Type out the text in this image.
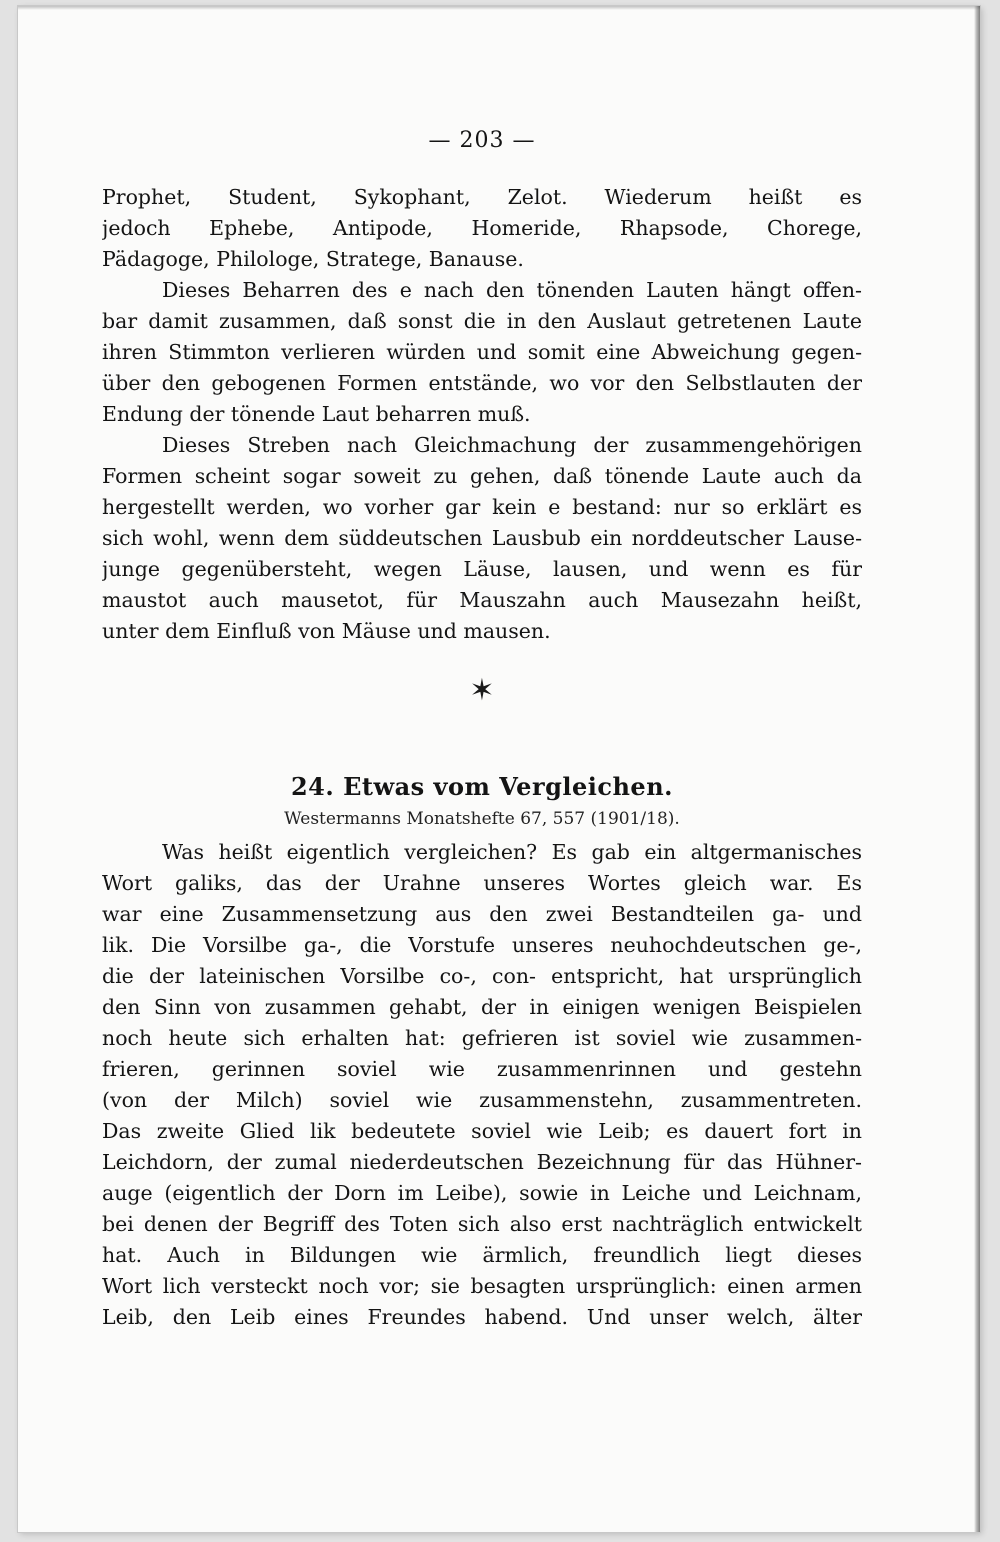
— 203 —
Prophet, Student, Sykophant, Zelot. Wiederum heißt es
jedoch Ephebe, Antipode, Homeride, Rhapsode, Chorege,
Pädagoge, Philologe, Stratege, Banause.
Dieses Beharren des e nach den tönenden Lauten hängt offen-
bar damit zusammen, daß sonst die in den Auslaut getretenen Laute
ihren Stimmton verlieren würden und somit eine Abweichung gegen-
über den gebogenen Formen entstände, wo vor den Selbstlauten der
Endung der tönende Laut beharren muß.
Dieses Streben nach Gleichmachung der zusammengehörigen
Formen scheint sogar soweit zu gehen, daß tönende Laute auch da
hergestellt werden, wo vorher gar kein e bestand: nur so erklärt es
sich wohl, wenn dem süddeutschen Lausbub ein norddeutscher Lause-
junge gegenübersteht, wegen Läuse, lausen, und wenn es für
maustot auch mausetot, für Mauszahn auch Mausezahn heißt,
unter dem Einfluß von Mäuse und mausen.
✶
24. Etwas vom Vergleichen.
Westermanns Monatshefte 67, 557 (1901/18).
Was heißt eigentlich vergleichen? Es gab ein altgermanisches
Wort galiks, das der Urahne unseres Wortes gleich war. Es
war eine Zusammensetzung aus den zwei Bestandteilen ga- und
lik. Die Vorsilbe ga-, die Vorstufe unseres neuhochdeutschen ge-,
die der lateinischen Vorsilbe co-, con- entspricht, hat ursprünglich
den Sinn von zusammen gehabt, der in einigen wenigen Beispielen
noch heute sich erhalten hat: gefrieren ist soviel wie zusammen-
frieren, gerinnen soviel wie zusammenrinnen und gestehn
(von der Milch) soviel wie zusammenstehn, zusammentreten.
Das zweite Glied lik bedeutete soviel wie Leib; es dauert fort in
Leichdorn, der zumal niederdeutschen Bezeichnung für das Hühner-
auge (eigentlich der Dorn im Leibe), sowie in Leiche und Leichnam,
bei denen der Begriff des Toten sich also erst nachträglich entwickelt
hat. Auch in Bildungen wie ärmlich, freundlich liegt dieses
Wort lich versteckt noch vor; sie besagten ursprünglich: einen armen
Leib, den Leib eines Freundes habend. Und unser welch, älter
